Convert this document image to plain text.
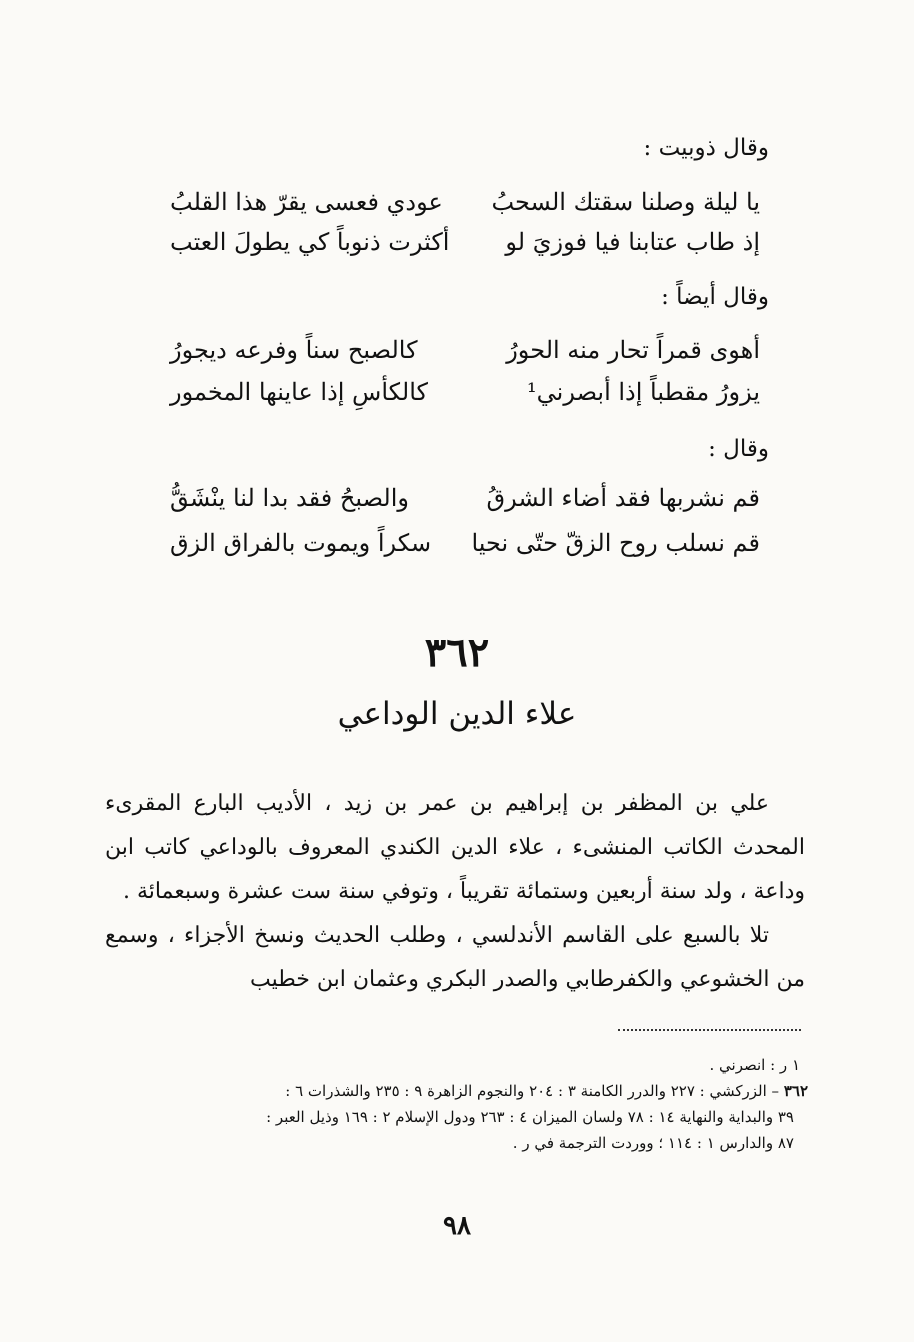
وقال ذوبيت :
يا ليلة وصلنا سقتك السحبُ
عودي فعسى يقرّ هذا القلبُ
إذ طاب عتابنا فيا فوزيَ لو
أكثرت ذنوباً كي يطولَ العتب
وقال أيضاً :
أهوى قمراً تحار منه الحورُ
كالصبح سناً وفرعه ديجورُ
يزورُ مقطباً إذا أبصرني¹
كالكأسِ إذا عاينها المخمور
وقال :
قم نشربها فقد أضاء الشرقُ
والصبحُ فقد بدا لنا ينْشَقُّ
قم نسلب روح الزقّ حتّى نحيا
سكراً ويموت بالفراق الزق
٣٦٢
علاء الدين الوداعي

علي بن المظفر بن إبراهيم بن عمر بن زيد ، الأديب البارع المقرىء المحدث الكاتب المنشىء ، علاء الدين الكندي المعروف بالوداعي كاتب ابن وداعة ، ولد سنة أربعين وستمائة تقريباً ، وتوفي سنة ست عشرة وسبعمائة .

تلا بالسبع على القاسم الأندلسي ، وطلب الحديث ونسخ الأجزاء ، وسمع من الخشوعي والكفرطابي والصدر البكري وعثمان ابن خطيب

١ ر : انصرني .

٣٦٢ – الزركشي : ٢٢٧ والدرر الكامنة ٣ : ٢٠٤ والنجوم الزاهرة ٩ : ٢٣٥ والشذرات ٦ :

٣٩ والبداية والنهاية ١٤ : ٧٨ ولسان الميزان ٤ : ٢٦٣ ودول الإسلام ٢ : ١٦٩ وذيل العبر :

٨٧ والدارس ١ : ١١٤ ؛ ووردت الترجمة في ر .

٩٨
